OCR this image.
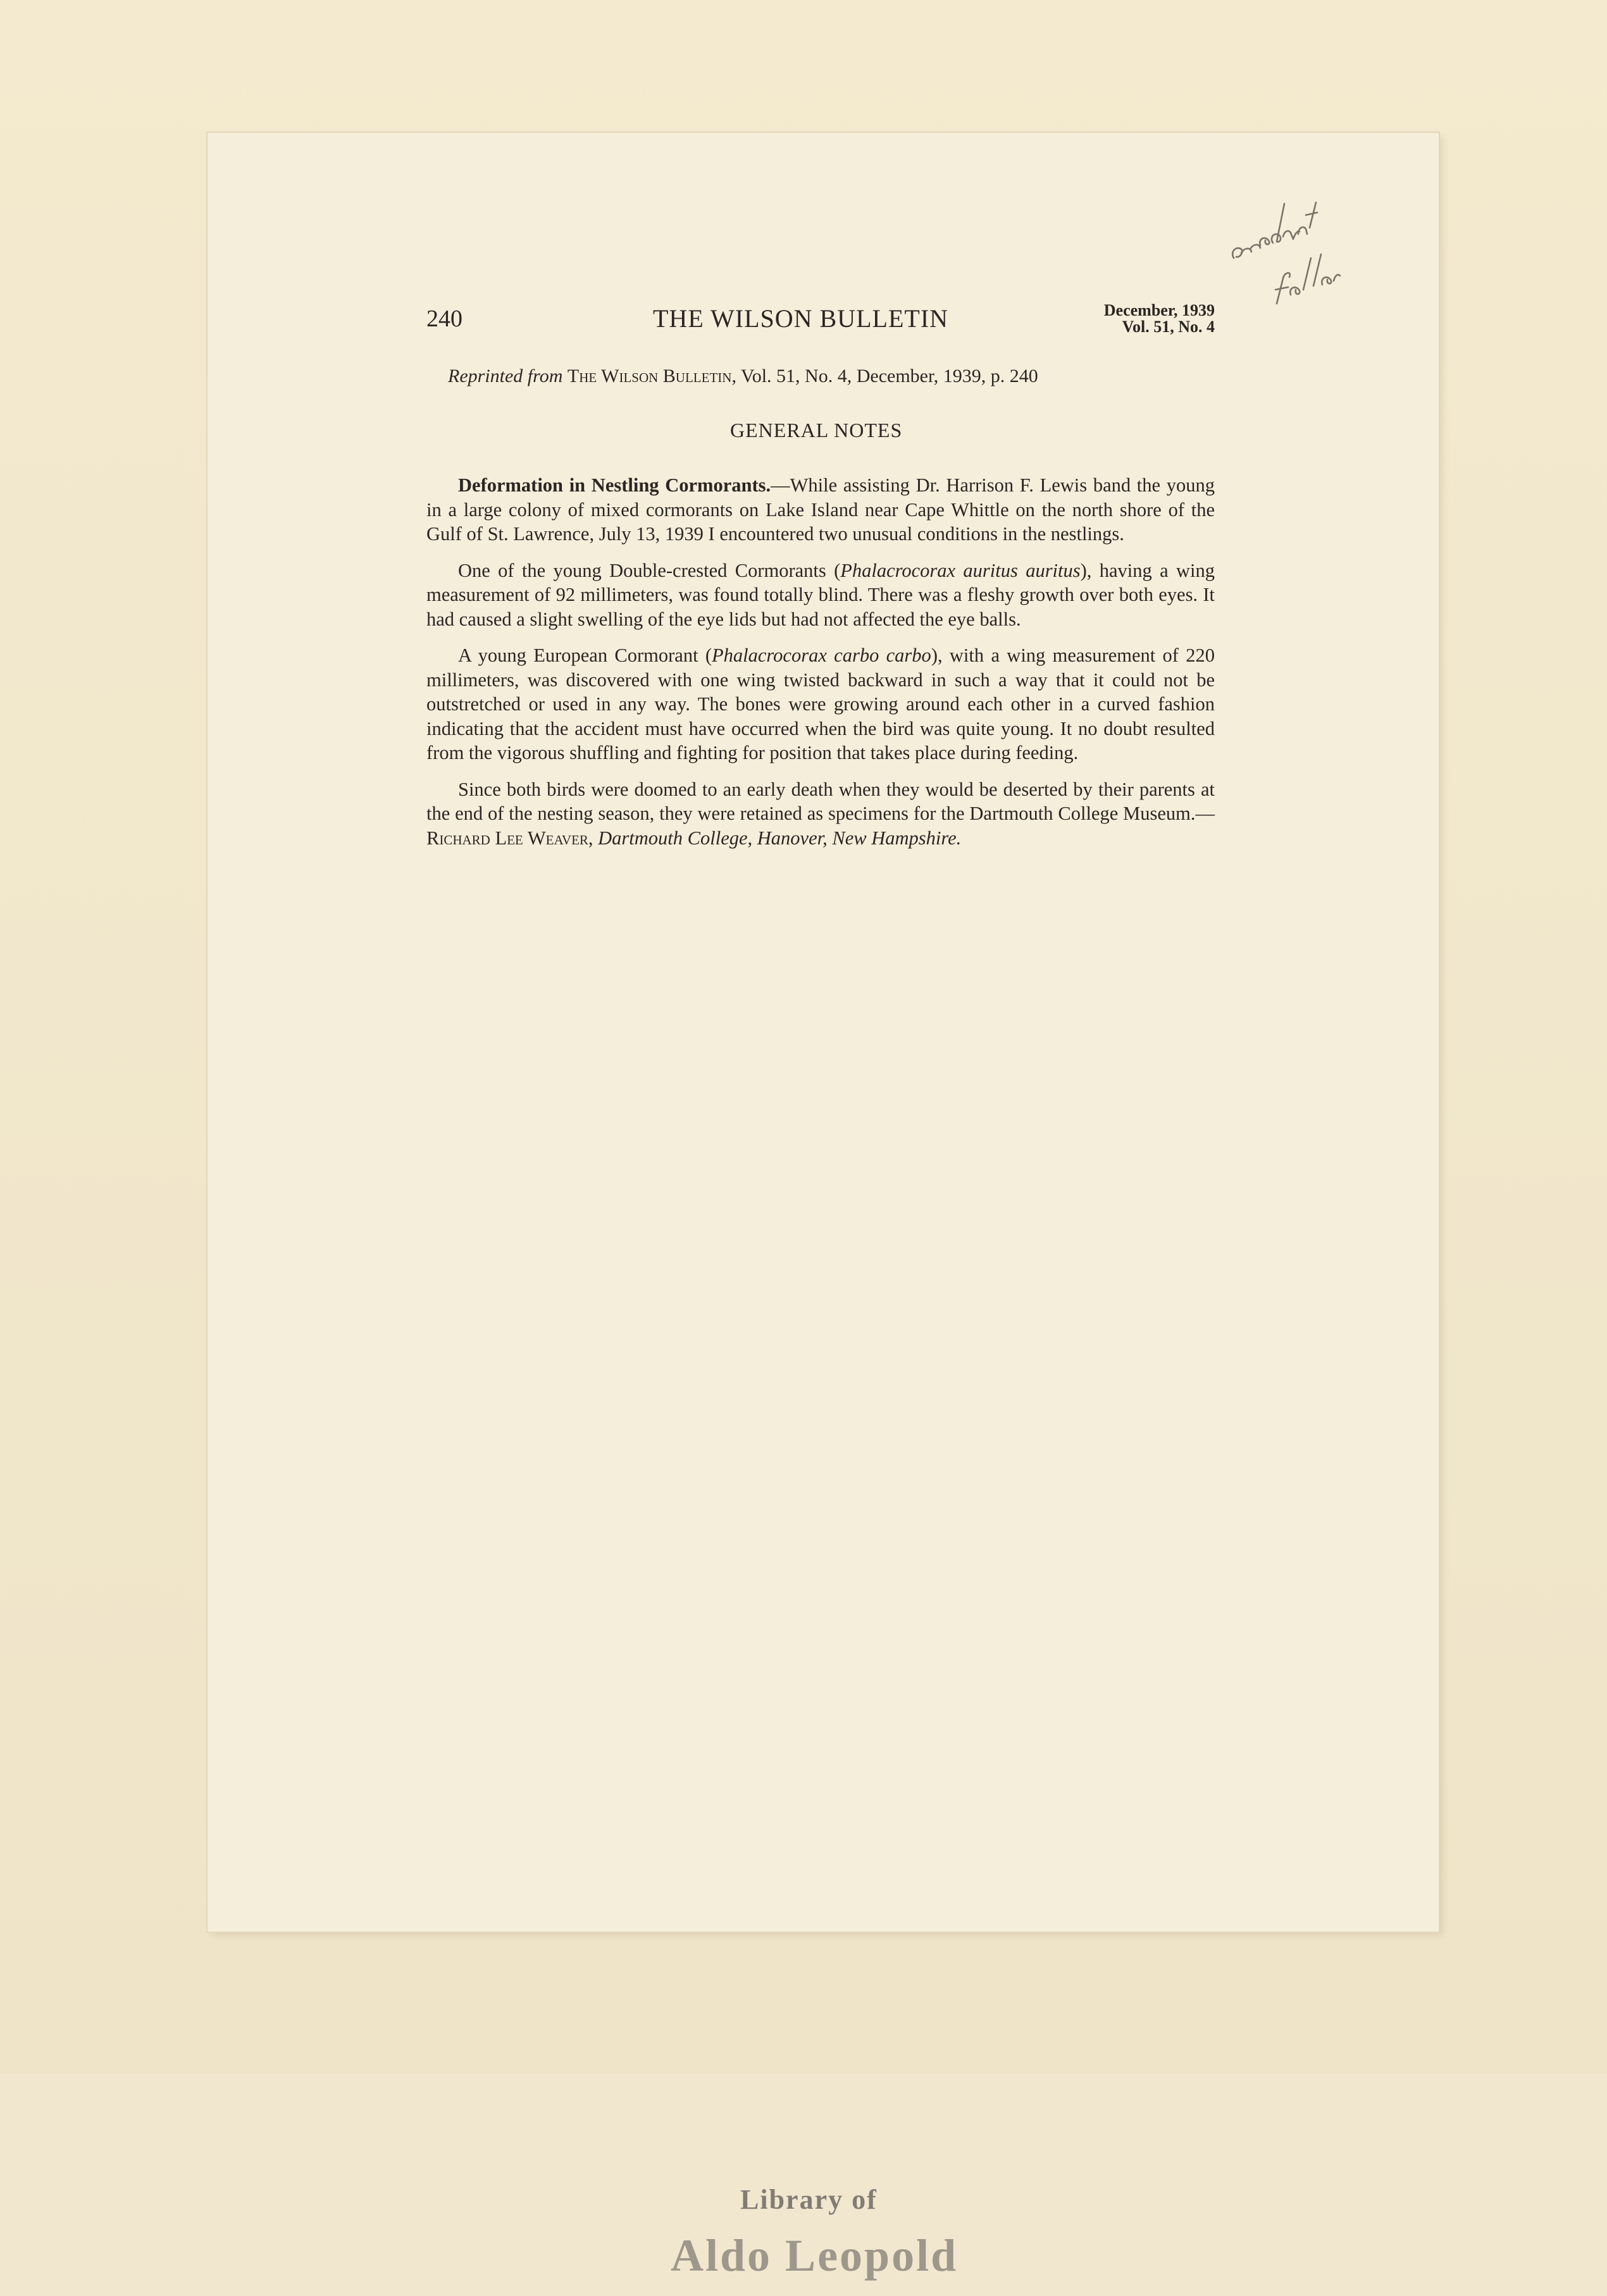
240	THE WILSON BULLETIN	December, 1939
Vol. 51, No. 4
Reprinted from The Wilson Bulletin, Vol. 51, No. 4, December, 1939, p. 240
GENERAL NOTES

Deformation in Nestling Cormorants.—While assisting Dr. Harrison F. Lewis band the young in a large colony of mixed cormorants on Lake Island near Cape Whittle on the north shore of the Gulf of St. Lawrence, July 13, 1939 I encountered two unusual conditions in the nestlings.

One of the young Double-crested Cormorants (Phalacrocorax auritus auritus), having a wing measurement of 92 millimeters, was found totally blind. There was a fleshy growth over both eyes. It had caused a slight swelling of the eye lids but had not affected the eye balls.

A young European Cormorant (Phalacrocorax carbo carbo), with a wing measurement of 220 millimeters, was discovered with one wing twisted backward in such a way that it could not be outstretched or used in any way. The bones were growing around each other in a curved fashion indicating that the accident must have occurred when the bird was quite young. It no doubt resulted from the vigorous shuffling and fighting for position that takes place during feeding.

Since both birds were doomed to an early death when they would be deserted by their parents at the end of the nesting season, they were retained as specimens for the Dartmouth College Museum.—Richard Lee Weaver, Dartmouth College, Hanover, New Hampshire.

Library of
Aldo Leopold
